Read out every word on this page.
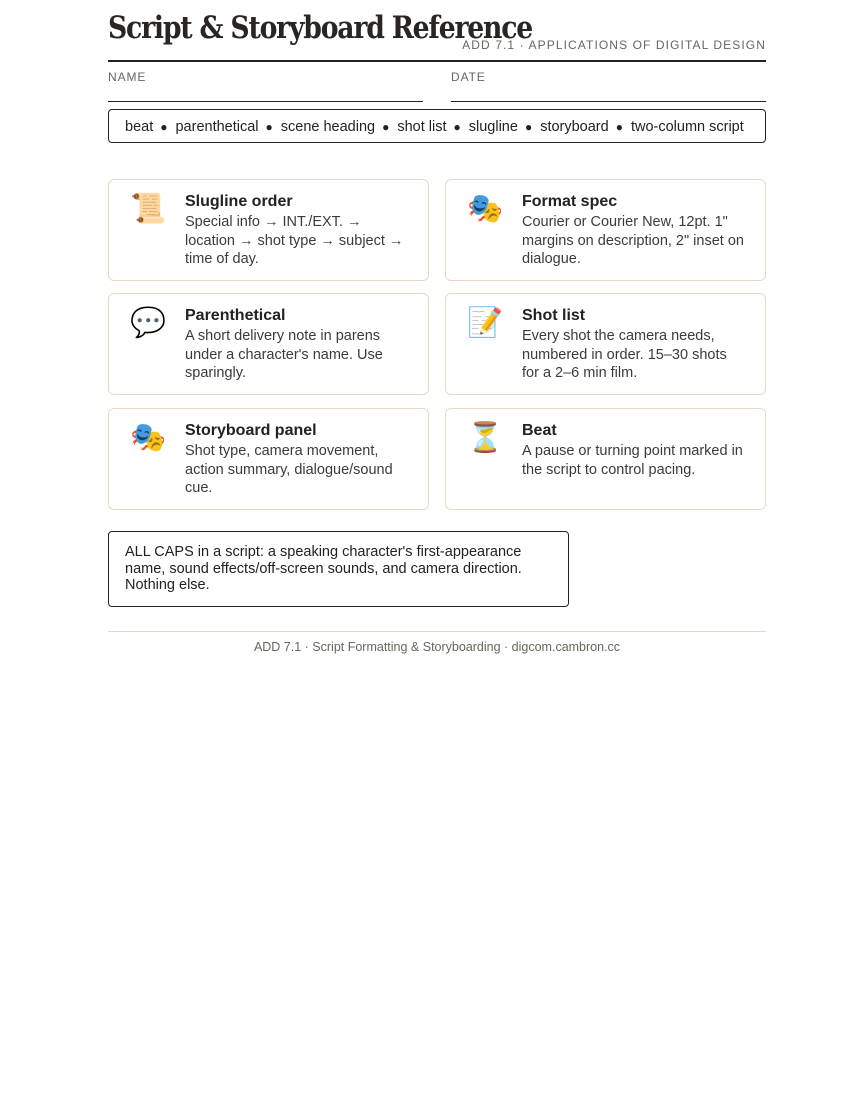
Script & Storyboard Reference
ADD 7.1 · APPLICATIONS OF DIGITAL DESIGN
NAME	DATE
beat ● parenthetical ● scene heading ● shot list ● slugline ● storyboard ● two-column script
📜 Slugline order
Special info → INT./EXT. → location → shot type → subject → time of day.
🎭 Format spec
Courier or Courier New, 12pt. 1" margins on description, 2" inset on dialogue.
💬 Parenthetical
A short delivery note in parens under a character's name. Use sparingly.
📝 Shot list
Every shot the camera needs, numbered in order. 15–30 shots for a 2–6 min film.
🎭 Storyboard panel
Shot type, camera movement, action summary, dialogue/sound cue.
⏳ Beat
A pause or turning point marked in the script to control pacing.
ALL CAPS in a script: a speaking character's first-appearance name, sound effects/off-screen sounds, and camera direction. Nothing else.
ADD 7.1 · Script Formatting & Storyboarding · digcom.cambron.cc
